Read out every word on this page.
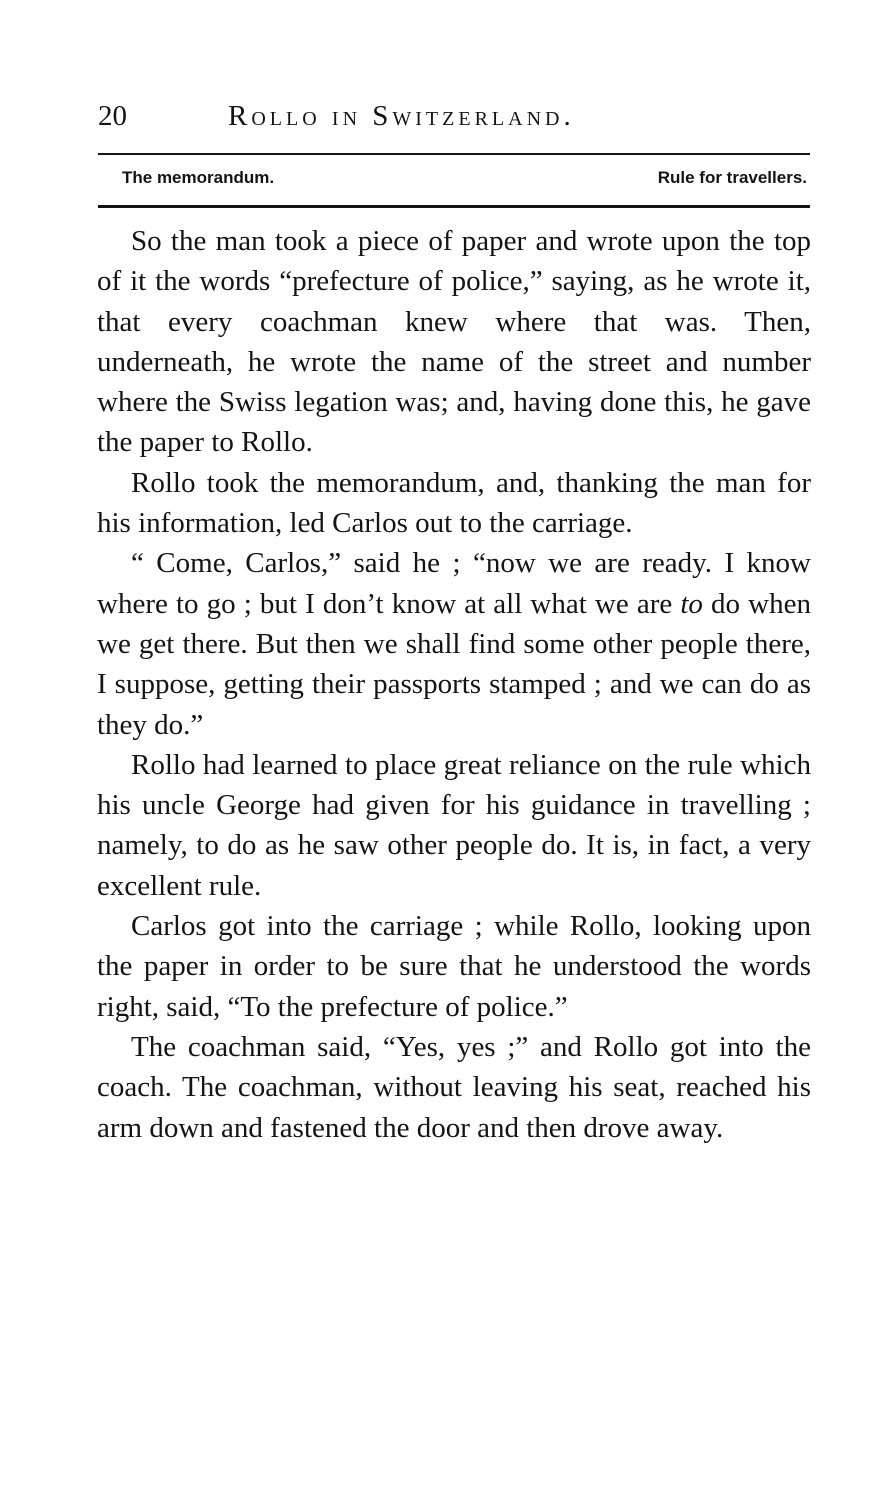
20	Rollo in Switzerland.
The memorandum.	Rule for travellers.

So the man took a piece of paper and wrote upon the top of it the words “prefecture of police,” saying, as he wrote it, that every coachman knew where that was. Then, underneath, he wrote the name of the street and number where the Swiss legation was; and, having done this, he gave the paper to Rollo.

Rollo took the memorandum, and, thanking the man for his information, led Carlos out to the carriage.

“ Come, Carlos,” said he ; “now we are ready. I know where to go ; but I don’t know at all what we are to do when we get there. But then we shall find some other people there, I suppose, getting their passports stamped ; and we can do as they do.”

Rollo had learned to place great reliance on the rule which his uncle George had given for his guidance in travelling ; namely, to do as he saw other people do. It is, in fact, a very excellent rule.

Carlos got into the carriage ; while Rollo, looking upon the paper in order to be sure that he understood the words right, said, “To the prefecture of police.”

The coachman said, “Yes, yes ;” and Rollo got into the coach. The coachman, without leaving his seat, reached his arm down and fastened the door and then drove away.
